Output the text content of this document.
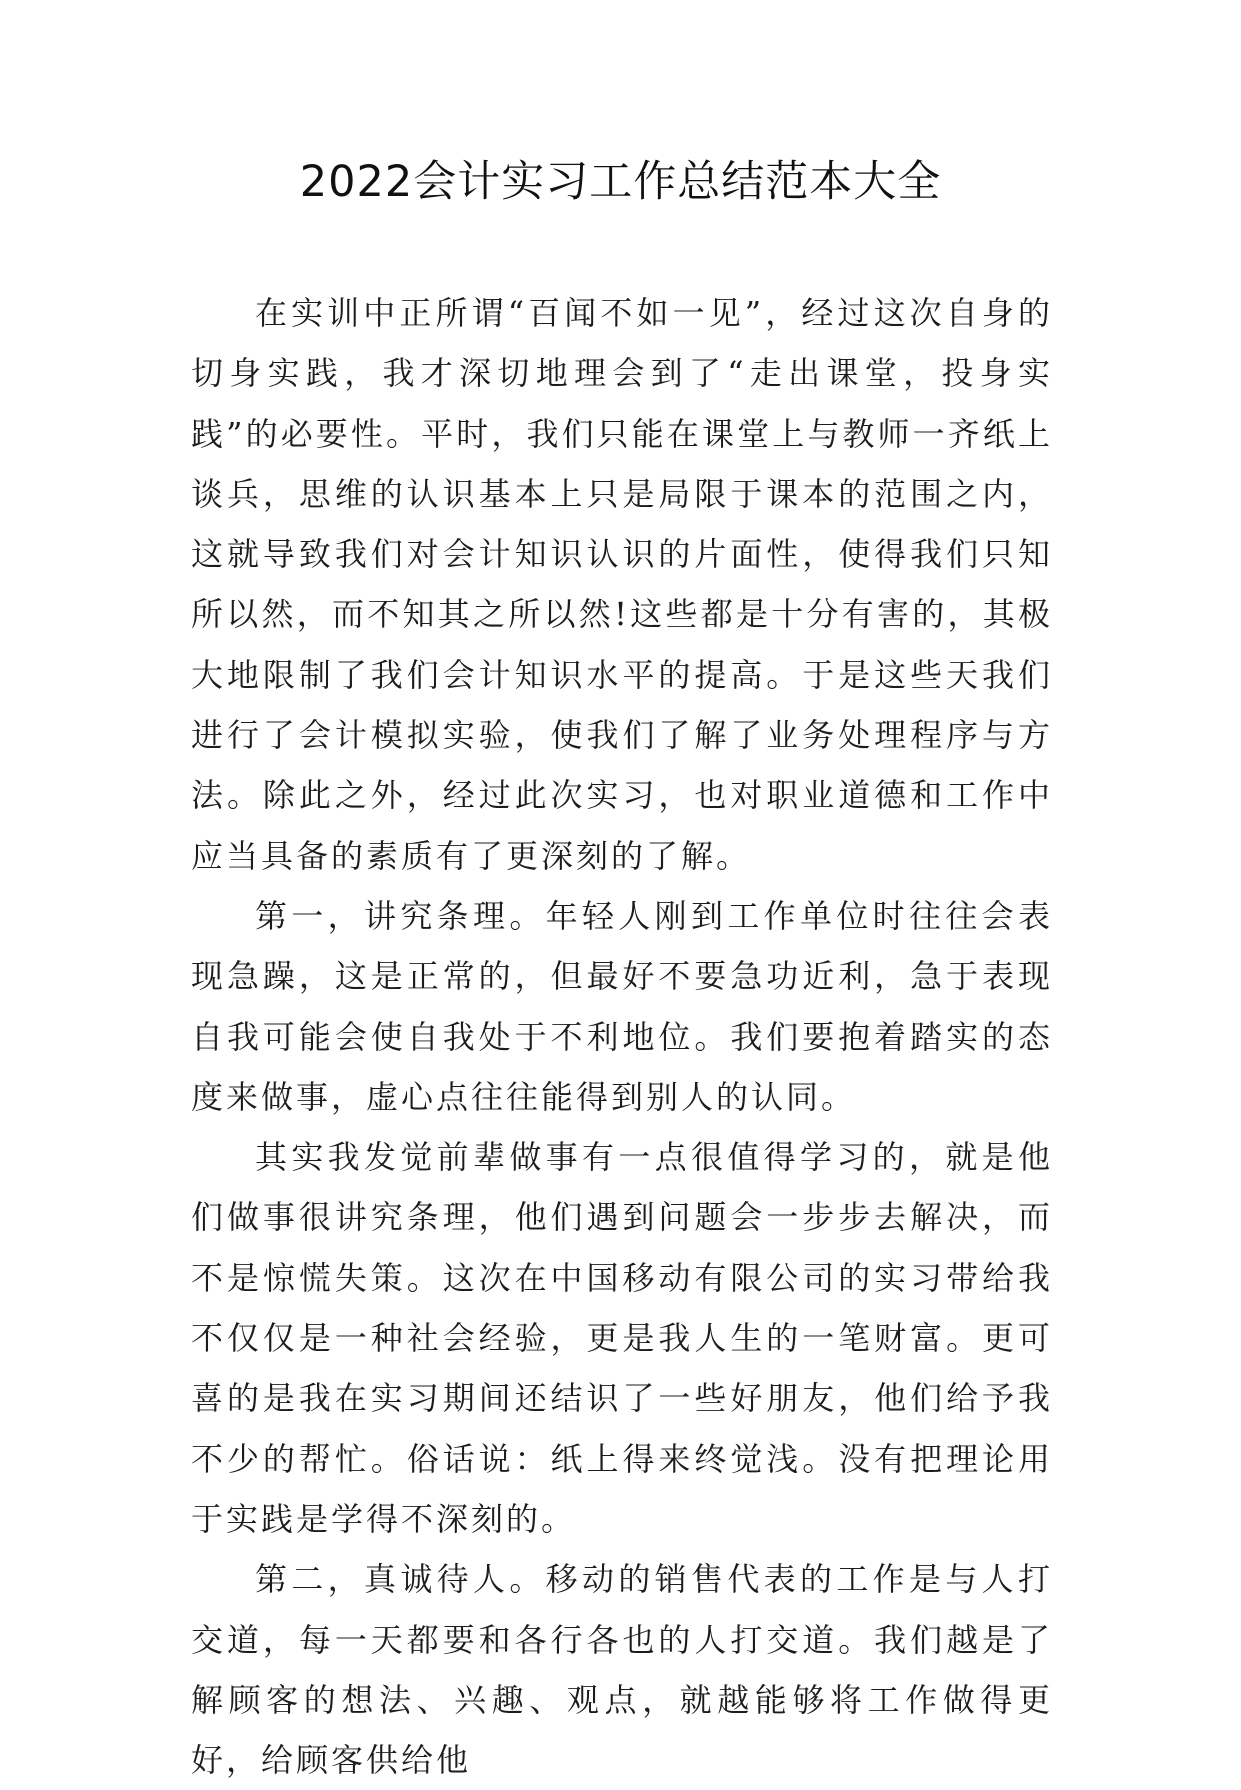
2022会计实习工作总结范本大全

在实训中正所谓“百闻不如一见”，经过这次自身的切身实践，我才深切地理会到了“走出课堂，投身实践”的必要性。平时，我们只能在课堂上与教师一齐纸上谈兵，思维的认识基本上只是局限于课本的范围之内，这就导致我们对会计知识认识的片面性，使得我们只知所以然，而不知其之所以然!这些都是十分有害的，其极大地限制了我们会计知识水平的提高。于是这些天我们进行了会计模拟实验，使我们了解了业务处理程序与方法。除此之外，经过此次实习，也对职业道德和工作中应当具备的素质有了更深刻的了解。

第一，讲究条理。年轻人刚到工作单位时往往会表现急躁，这是正常的，但最好不要急功近利，急于表现自我可能会使自我处于不利地位。我们要抱着踏实的态度来做事，虚心点往往能得到别人的认同。

其实我发觉前辈做事有一点很值得学习的，就是他们做事很讲究条理，他们遇到问题会一步步去解决，而不是惊慌失策。这次在中国移动有限公司的实习带给我不仅仅是一种社会经验，更是我人生的一笔财富。更可喜的是我在实习期间还结识了一些好朋友，他们给予我不少的帮忙。俗话说：纸上得来终觉浅。没有把理论用于实践是学得不深刻的。

第二，真诚待人。移动的销售代表的工作是与人打交道，每一天都要和各行各也的人打交道。我们越是了解顾客的想法、兴趣、观点，就越能够将工作做得更好，给顾客供给他
